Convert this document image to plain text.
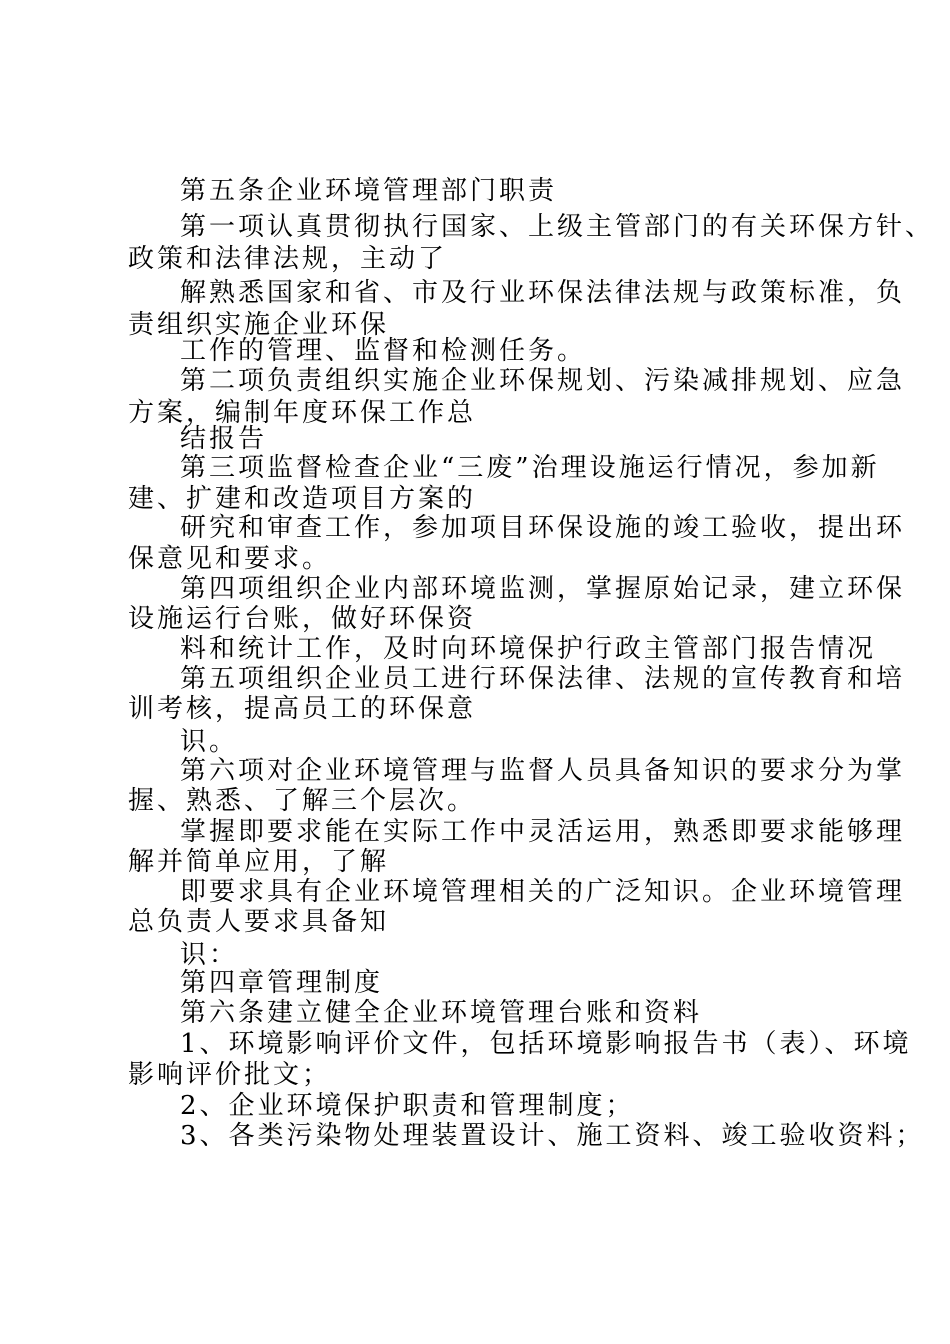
第五条企业环境管理部门职责
第一项认真贯彻执行国家、上级主管部门的有关环保方针、
政策和法律法规，主动了
解熟悉国家和省、市及行业环保法律法规与政策标准，负
责组织实施企业环保
工作的管理、监督和检测任务。
第二项负责组织实施企业环保规划、污染减排规划、应急
方案，编制年度环保工作总
结报告
第三项监督检查企业“三废”治理设施运行情况，参加新
建、扩建和改造项目方案的
研究和审查工作，参加项目环保设施的竣工验收，提出环
保意见和要求。
第四项组织企业内部环境监测，掌握原始记录，建立环保
设施运行台账，做好环保资
料和统计工作，及时向环境保护行政主管部门报告情况
第五项组织企业员工进行环保法律、法规的宣传教育和培
训考核，提高员工的环保意
识。
第六项对企业环境管理与监督人员具备知识的要求分为掌
握、熟悉、了解三个层次。
掌握即要求能在实际工作中灵活运用，熟悉即要求能够理
解并简单应用，了解
即要求具有企业环境管理相关的广泛知识。企业环境管理
总负责人要求具备知
识：
第四章管理制度
第六条建立健全企业环境管理台账和资料
1、环境影响评价文件，包括环境影响报告书（表）、环境
影响评价批文；
2、企业环境保护职责和管理制度；
3、各类污染物处理装置设计、施工资料、竣工验收资料；
